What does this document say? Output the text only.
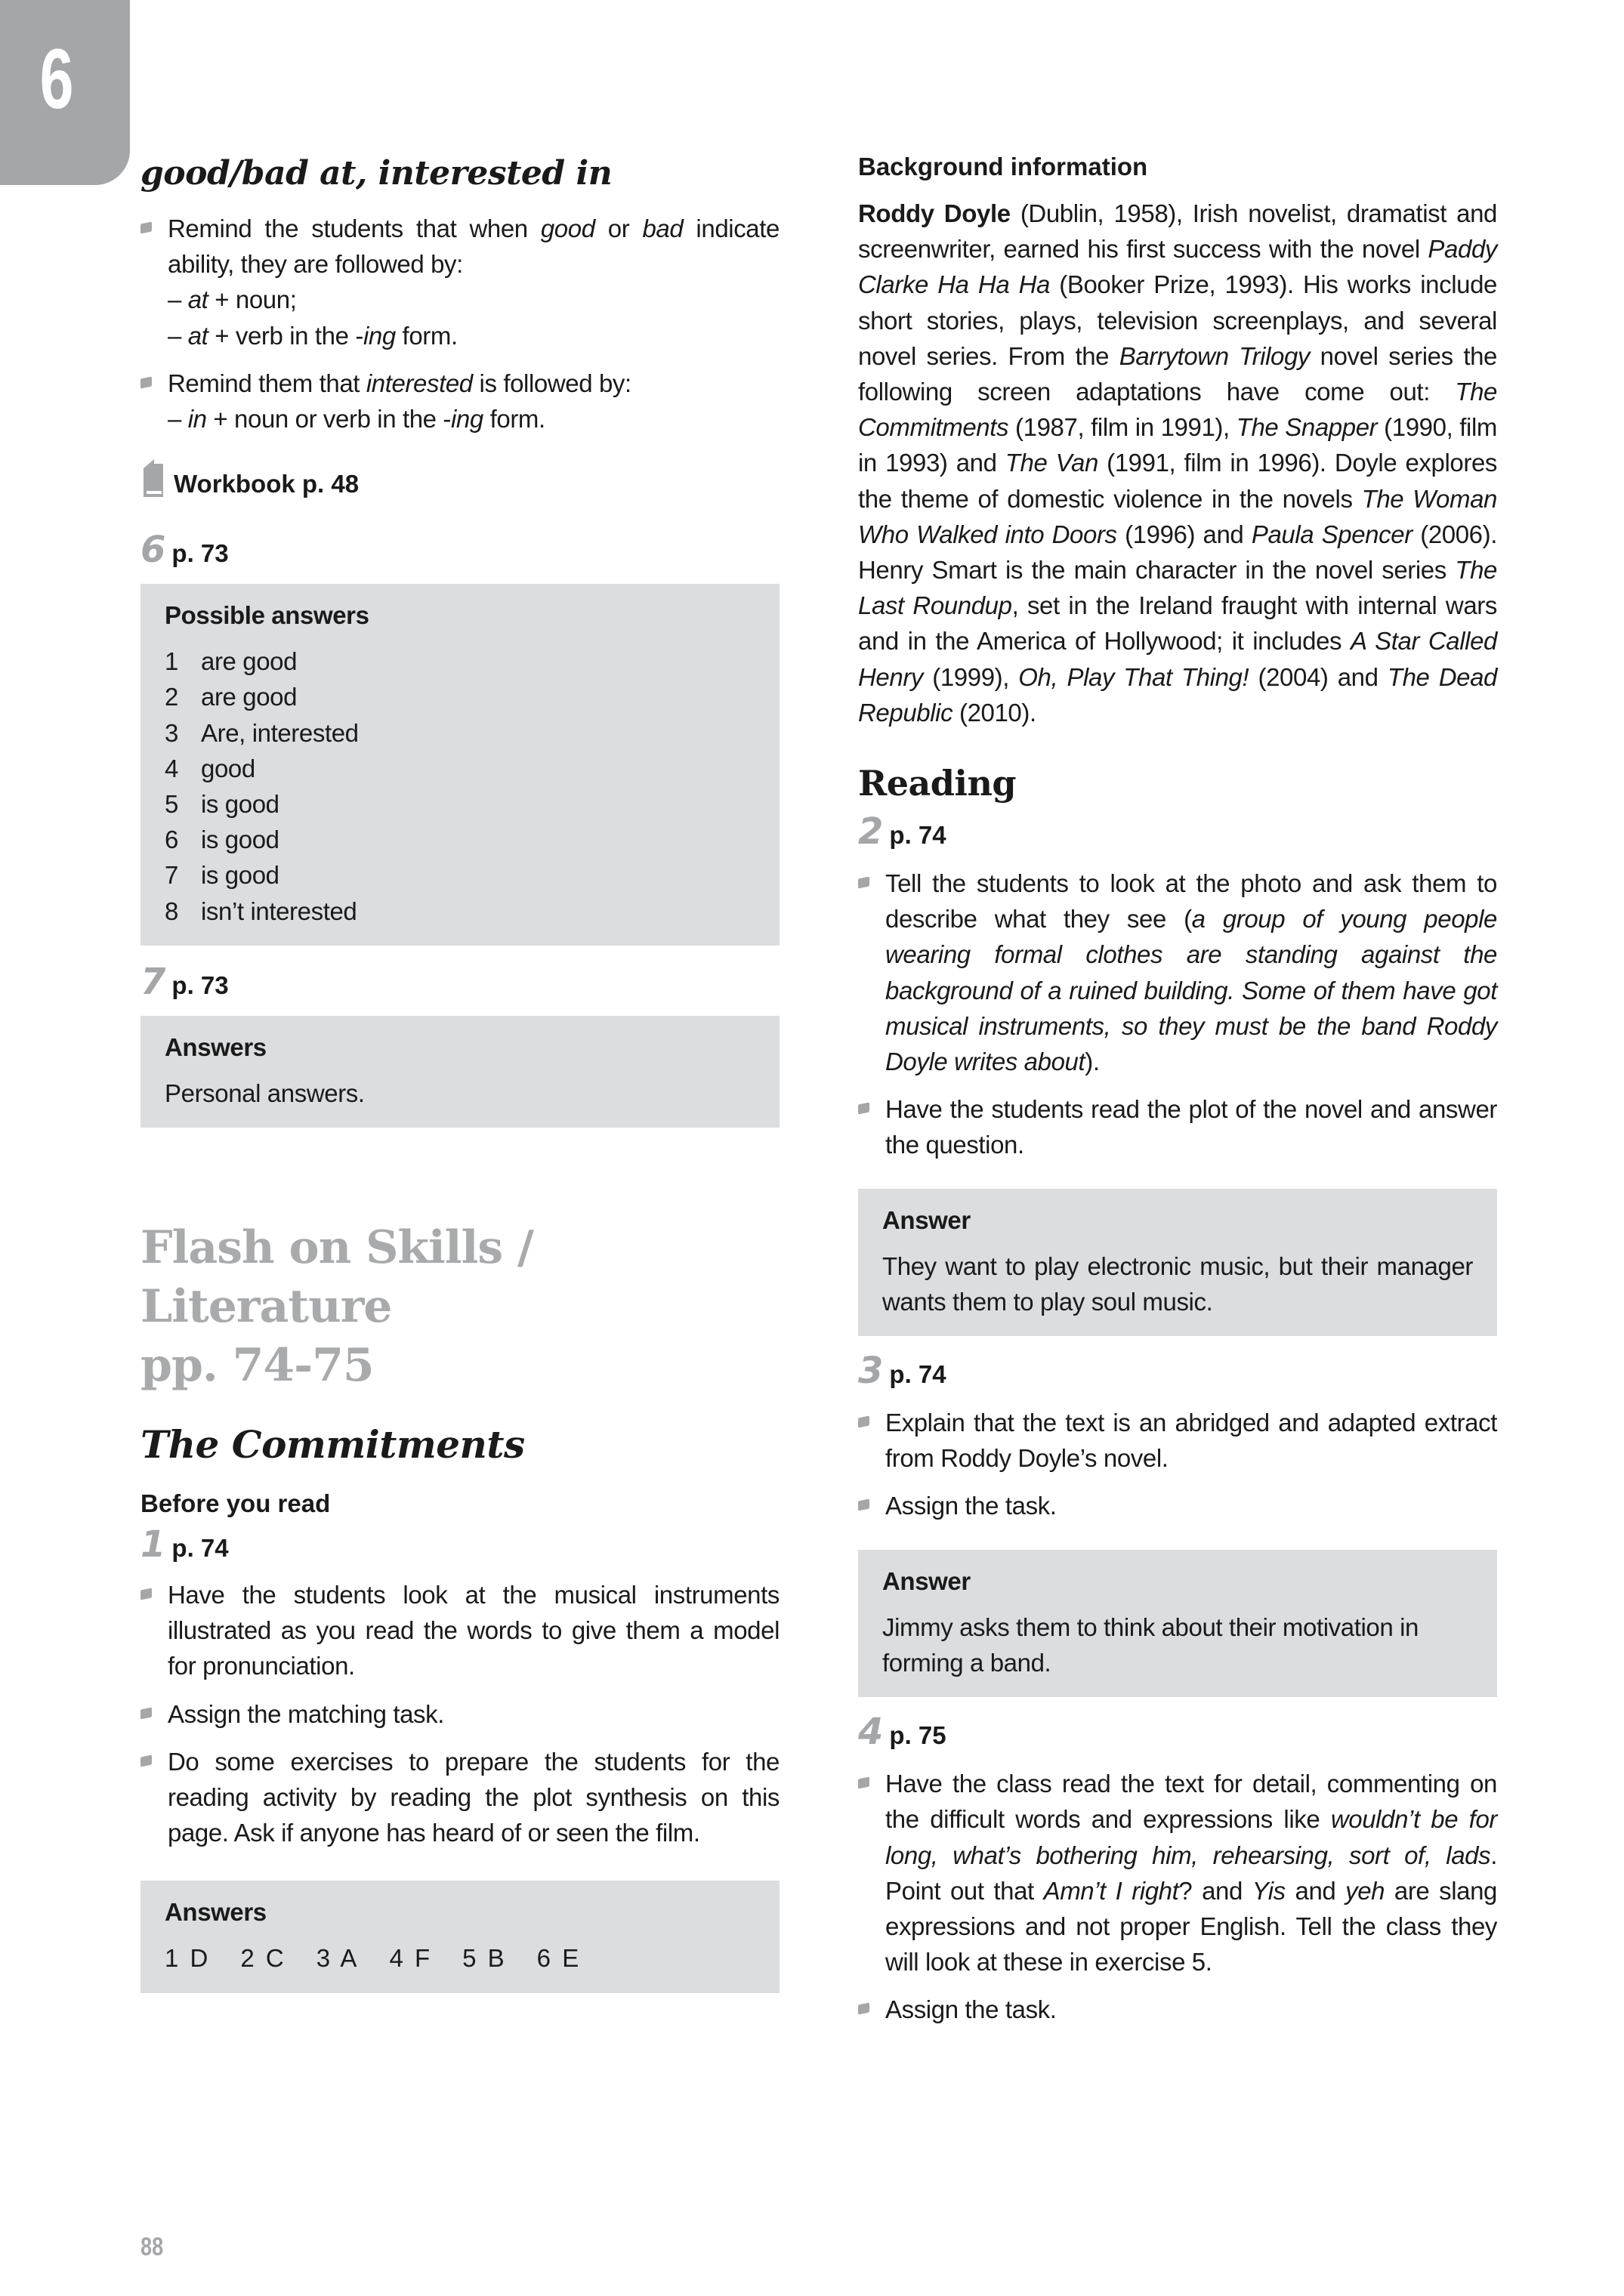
6
good/bad at, interested in
Remind the students that when good or bad indicate ability, they are followed by:
– at + noun;
– at + verb in the -ing form.
Remind them that interested is followed by:
– in + noun or verb in the -ing form.
Workbook p. 48
6 p. 73
Possible answers
1 are good
2 are good
3 Are, interested
4 good
5 is good
6 is good
7 is good
8 isn’t interested
7 p. 73
Answers
Personal answers.
Flash on Skills / Literature
pp. 74-75
The Commitments
Before you read
1 p. 74
Have the students look at the musical instruments illustrated as you read the words to give them a model for pronunciation.
Assign the matching task.
Do some exercises to prepare the students for the reading activity by reading the plot synthesis on this page. Ask if anyone has heard of or seen the film.
Answers
1 D 2 C 3 A 4 F 5 B 6 E
Background information
Roddy Doyle (Dublin, 1958), Irish novelist, dramatist and screenwriter, earned his first success with the novel Paddy Clarke Ha Ha Ha (Booker Prize, 1993). His works include short stories, plays, television screenplays, and several novel series. From the Barrytown Trilogy novel series the following screen adaptations have come out: The Commitments (1987, film in 1991), The Snapper (1990, film in 1993) and The Van (1991, film in 1996). Doyle explores the theme of domestic violence in the novels The Woman Who Walked into Doors (1996) and Paula Spencer (2006). Henry Smart is the main character in the novel series The Last Roundup, set in the Ireland fraught with internal wars and in the America of Hollywood; it includes A Star Called Henry (1999), Oh, Play That Thing! (2004) and The Dead Republic (2010).
Reading
2 p. 74
Tell the students to look at the photo and ask them to describe what they see (a group of young people wearing formal clothes are standing against the background of a ruined building. Some of them have got musical instruments, so they must be the band Roddy Doyle writes about).
Have the students read the plot of the novel and answer the question.
Answer
They want to play electronic music, but their manager wants them to play soul music.
3 p. 74
Explain that the text is an abridged and adapted extract from Roddy Doyle’s novel.
Assign the task.
Answer
Jimmy asks them to think about their motivation in forming a band.
4 p. 75
Have the class read the text for detail, commenting on the difficult words and expressions like wouldn’t be for long, what’s bothering him, rehearsing, sort of, lads. Point out that Amn’t I right? and Yis and yeh are slang expressions and not proper English. Tell the class they will look at these in exercise 5.
Assign the task.
88
